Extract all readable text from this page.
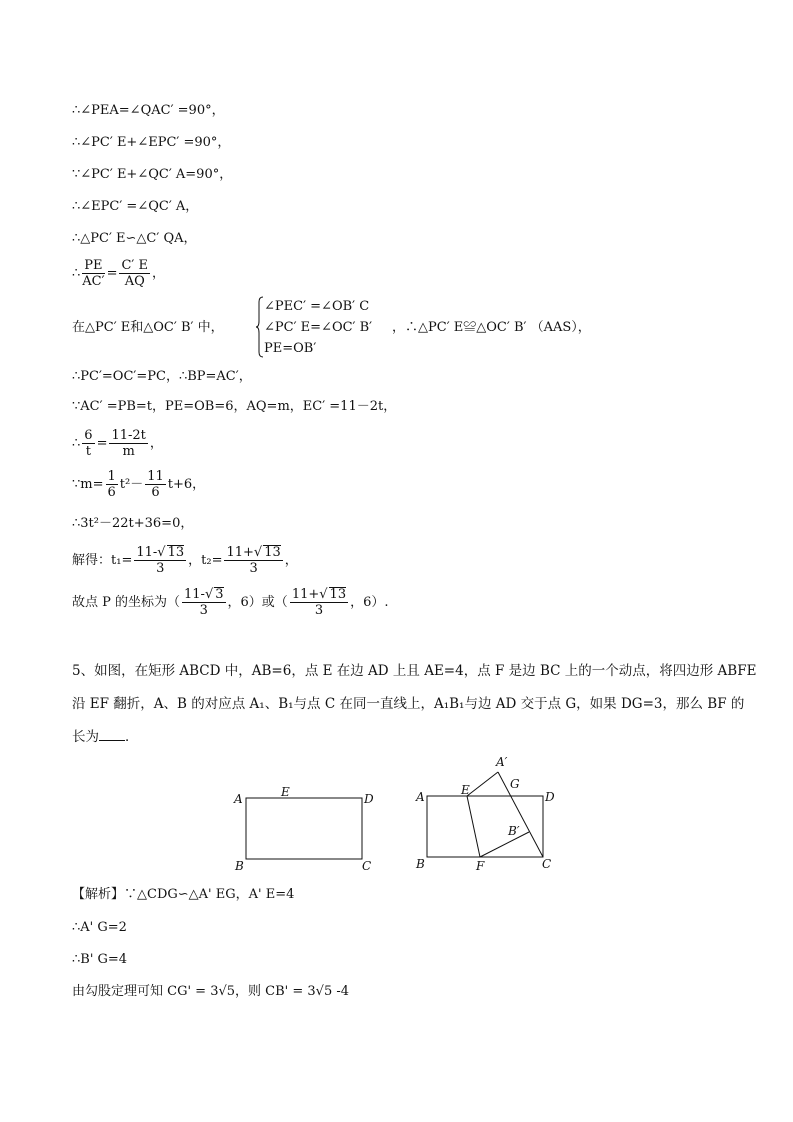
∴∠PEA=∠QAC′ =90°，
∴∠PC′ E+∠EPC′ =90°，
∵∠PC′ E+∠QC′ A=90°，
∴∠EPC′ =∠QC′ A，
∴△PC′ E∽△C′ QA，
∴ $\frac{PE}{AC'} = \frac{C' E}{AQ}$ ，
在△PC′ E和△OC′ B′ 中，
∠PEC′ =∠OB′ C
∠PC′ E=∠OC′ B′
PE=OB′
，∴△PC′ E≌△OC′ B′ （AAS），
∴PC′=OC′=PC，∴BP=AC′，
∵AC′ =PB=t，PE=OB=6，AQ=m，EC′ =11－2t，
∴ $\frac{6}{t} = \frac{11-2t}{m}$ ，
∵m= $\frac{1}{6} t^2- \frac{11}{6} t+6$，
∴3t²－22t+36=0，
解得：$t_1= \frac{11-√ 13}{3}$ ，$t_2= \frac{11+√ 13}{3}$ ，
故点 P 的坐标为（ $\frac{11-√ 3}{3}$ ，6）或（ $\frac{11+√ 13}{3}$ ，6）.
5、如图，在矩形 ABCD 中，AB=6，点 E 在边 AD 上且 AE=4，点 F 是边 BC 上的一个动点，将四边形 ABFE
沿 EF 翻折，A、B 的对应点 A₁、B₁与点 C 在同一直线上，A₁B₁与边 AD 交于点 G，如果 DG=3，那么 BF 的
长为 ．
A	E	D
B	C
A′
G
A	E	D
B′
B	F	C
【解析】∵△CDG∽△A' EG，A' E=4
∴A' G=2
∴B' G=4
由勾股定理可知 CG' = 3√5，则 CB' = 3√5 -4
